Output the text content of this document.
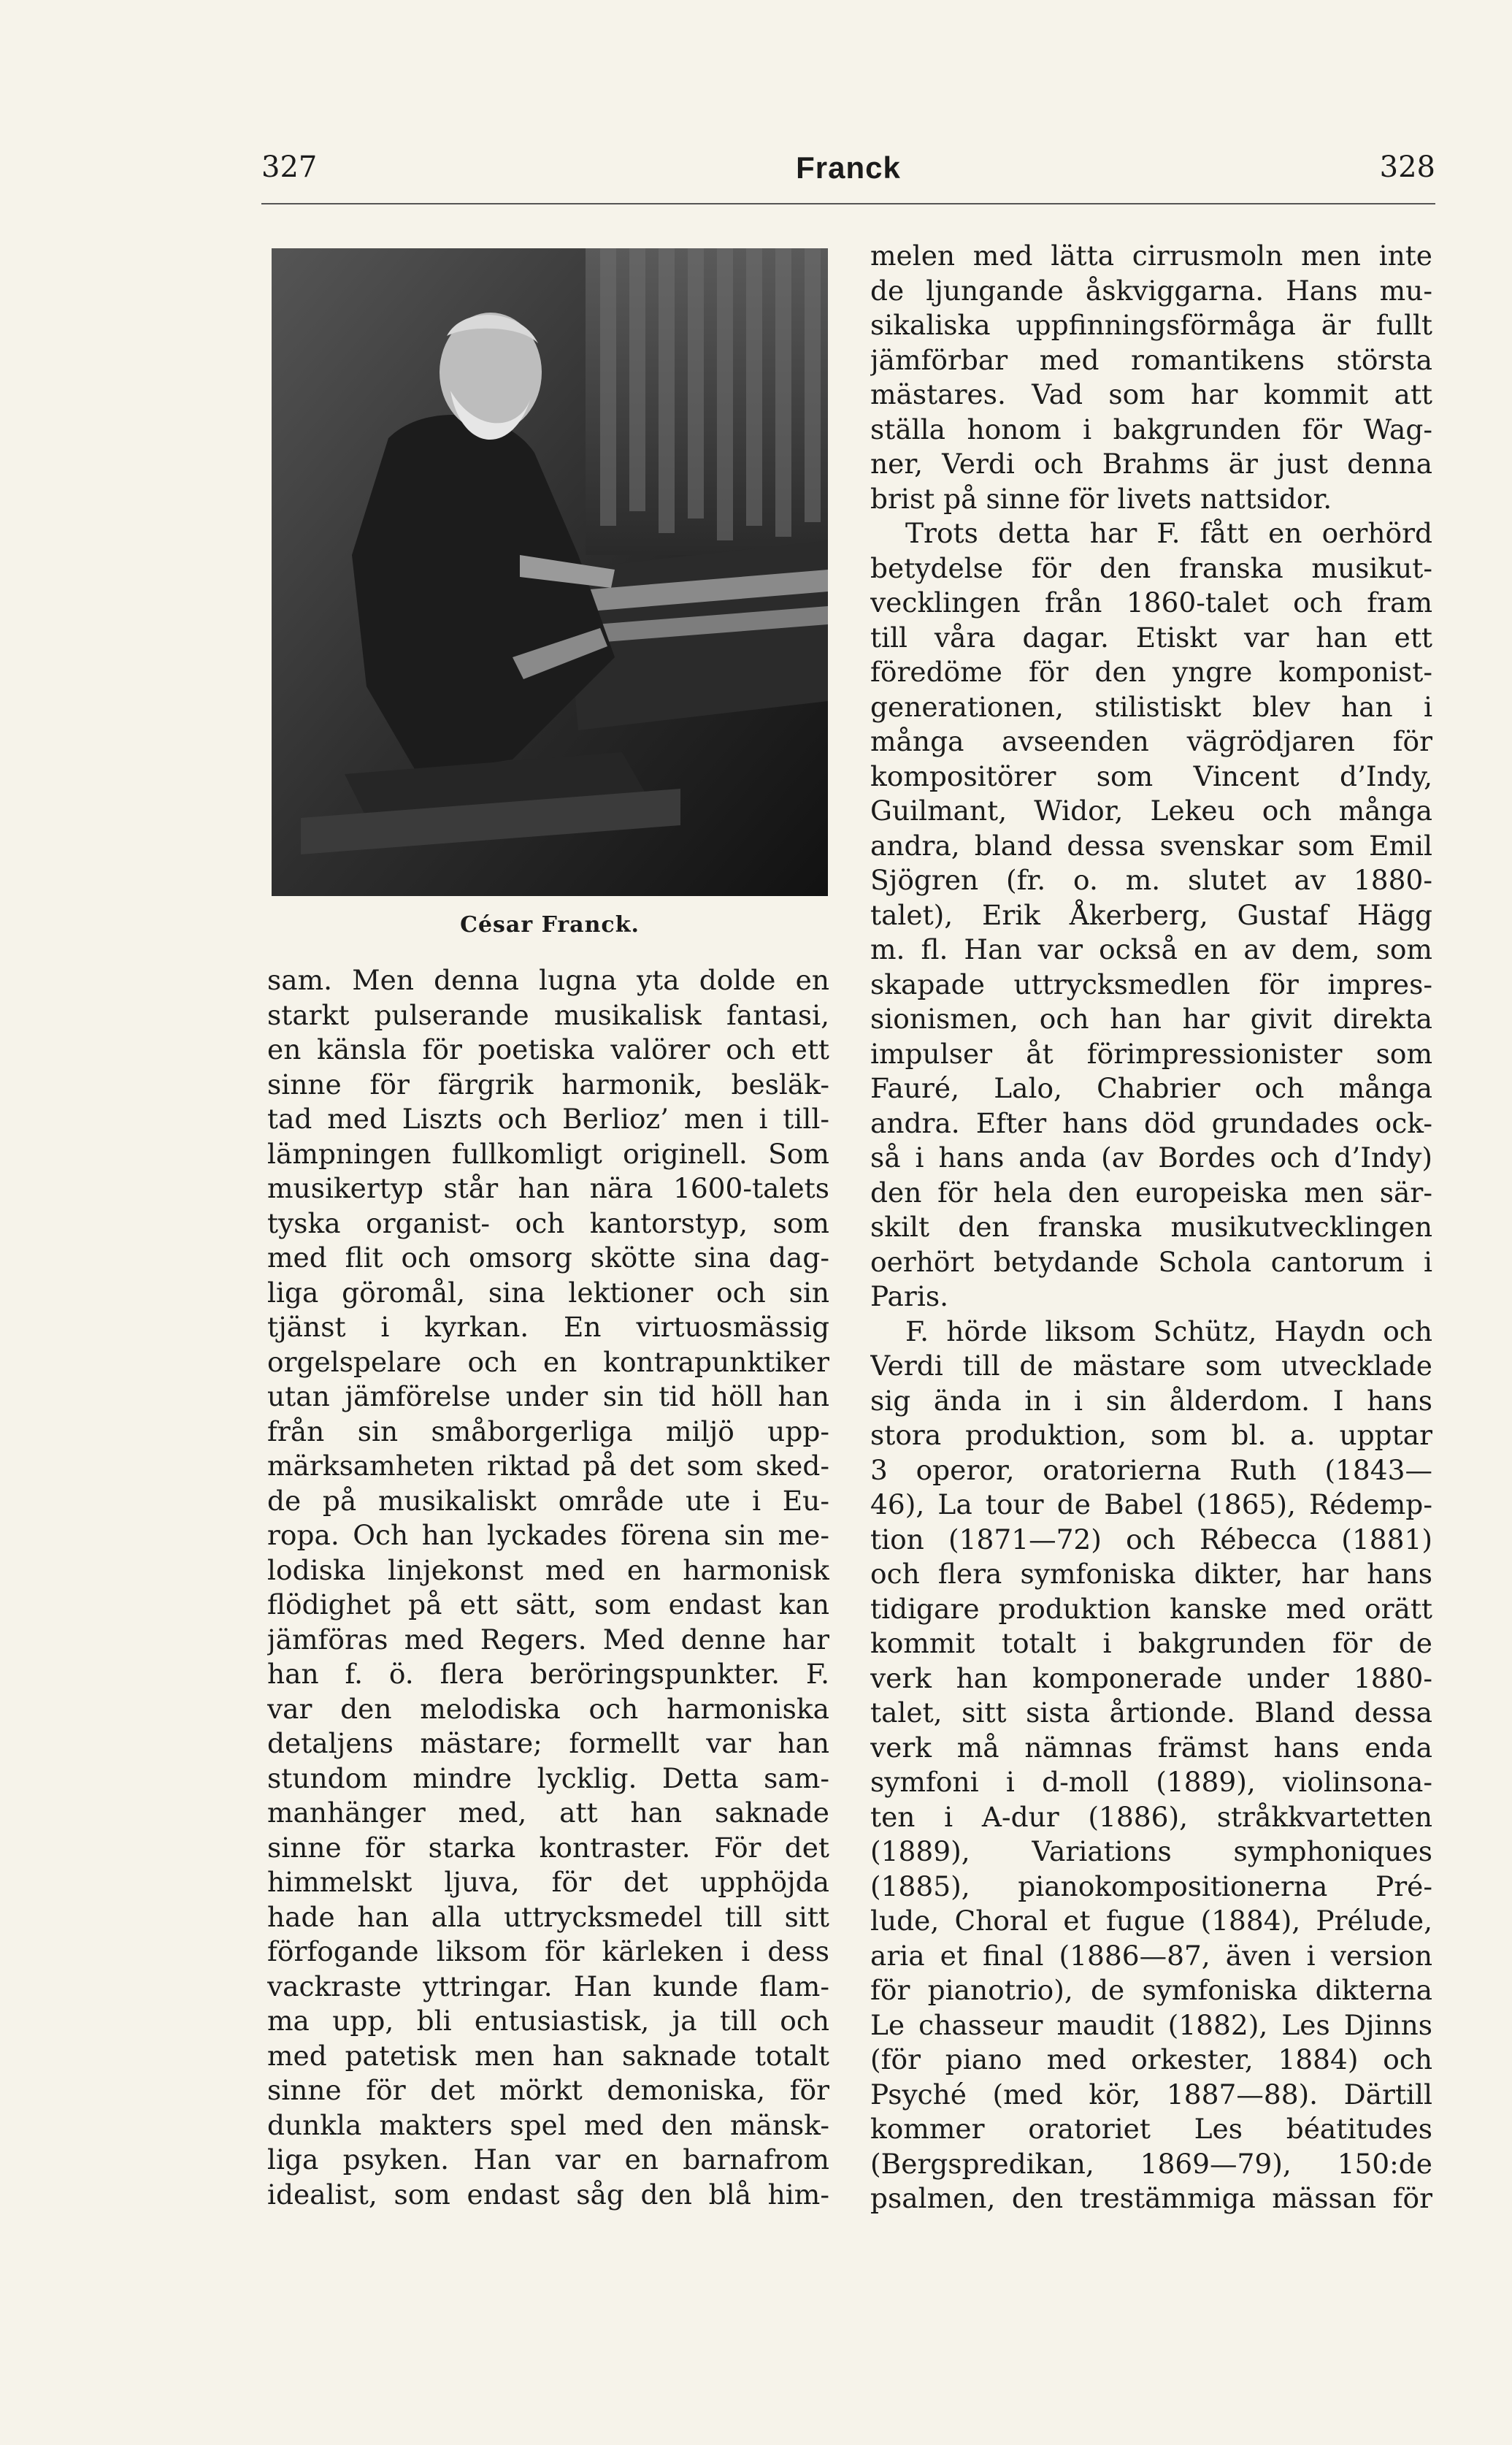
327	Franck	328
César Franck.
sam. Men denna lugna yta dolde en
starkt pulserande musikalisk fantasi,
en känsla för poetiska valörer och ett
sinne för färgrik harmonik, besläk-
tad med Liszts och Berlioz’ men i till-
lämpningen fullkomligt originell. Som
musikertyp står han nära 1600-talets
tyska organist- och kantorstyp, som
med flit och omsorg skötte sina dag-
liga göromål, sina lektioner och sin
tjänst i kyrkan. En virtuosmässig
orgelspelare och en kontrapunktiker
utan jämförelse under sin tid höll han
från sin småborgerliga miljö upp-
märksamheten riktad på det som sked-
de på musikaliskt område ute i Eu-
ropa. Och han lyckades förena sin me-
lodiska linjekonst med en harmonisk
flödighet på ett sätt, som endast kan
jämföras med Regers. Med denne har
han f. ö. flera beröringspunkter. F.
var den melodiska och harmoniska
detaljens mästare; formellt var han
stundom mindre lycklig. Detta sam-
manhänger med, att han saknade
sinne för starka kontraster. För det
himmelskt ljuva, för det upphöjda
hade han alla uttrycksmedel till sitt
förfogande liksom för kärleken i dess
vackraste yttringar. Han kunde flam-
ma upp, bli entusiastisk, ja till och
med patetisk men han saknade totalt
sinne för det mörkt demoniska, för
dunkla makters spel med den mänsk-
liga psyken. Han var en barnafrom
idealist, som endast såg den blå him-
melen med lätta cirrusmoln men inte
de ljungande åskviggarna. Hans mu-
sikaliska uppfinningsförmåga är fullt
jämförbar med romantikens största
mästares. Vad som har kommit att
ställa honom i bakgrunden för Wag-
ner, Verdi och Brahms är just denna
brist på sinne för livets nattsidor.
Trots detta har F. fått en oerhörd
betydelse för den franska musikut-
vecklingen från 1860-talet och fram
till våra dagar. Etiskt var han ett
föredöme för den yngre komponist-
generationen, stilistiskt blev han i
många avseenden vägrödjaren för
kompositörer som Vincent d’Indy,
Guilmant, Widor, Lekeu och många
andra, bland dessa svenskar som Emil
Sjögren (fr. o. m. slutet av 1880-
talet), Erik Åkerberg, Gustaf Hägg
m. fl. Han var också en av dem, som
skapade uttrycksmedlen för impres-
sionismen, och han har givit direkta
impulser åt förimpressionister som
Fauré, Lalo, Chabrier och många
andra. Efter hans död grundades ock-
så i hans anda (av Bordes och d’Indy)
den för hela den europeiska men sär-
skilt den franska musikutvecklingen
oerhört betydande Schola cantorum i
Paris.
F. hörde liksom Schütz, Haydn och
Verdi till de mästare som utvecklade
sig ända in i sin ålderdom. I hans
stora produktion, som bl. a. upptar
3 operor, oratorierna Ruth (1843—
46), La tour de Babel (1865), Rédemp-
tion (1871—72) och Rébecca (1881)
och flera symfoniska dikter, har hans
tidigare produktion kanske med orätt
kommit totalt i bakgrunden för de
verk han komponerade under 1880-
talet, sitt sista årtionde. Bland dessa
verk må nämnas främst hans enda
symfoni i d-moll (1889), violinsona-
ten i A-dur (1886), stråkkvartetten
(1889), Variations symphoniques
(1885), pianokompositionerna Pré-
lude, Choral et fugue (1884), Prélude,
aria et final (1886—87, även i version
för pianotrio), de symfoniska dikterna
Le chasseur maudit (1882), Les Djinns
(för piano med orkester, 1884) och
Psyché (med kör, 1887—88). Därtill
kommer oratoriet Les béatitudes
(Bergspredikan, 1869—79), 150:de
psalmen, den trestämmiga mässan för
